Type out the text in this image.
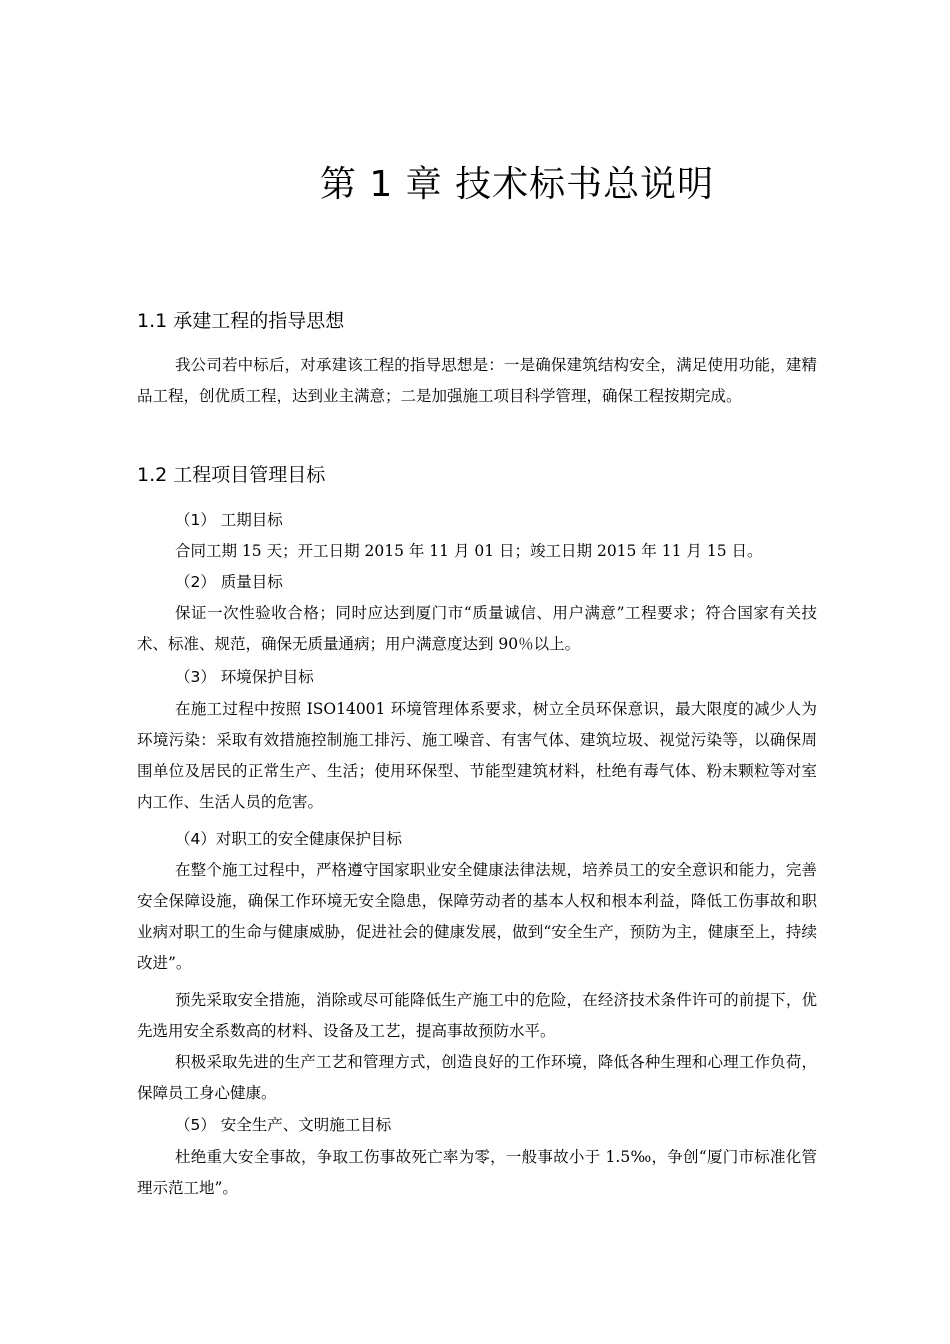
第 1 章 技术标书总说明
1.1 承建工程的指导思想

我公司若中标后，对承建该工程的指导思想是：一是确保建筑结构安全，满足使用功能，建精品工程，创优质工程，达到业主满意；二是加强施工项目科学管理，确保工程按期完成。

1.2 工程项目管理目标
（1） 工期目标

合同工期 15 天；开工日期 2015 年 11 月 01 日；竣工日期 2015 年 11 月 15 日。

（2） 质量目标

保证一次性验收合格；同时应达到厦门市“质量诚信、用户满意”工程要求；符合国家有关技术、标准、规范，确保无质量通病；用户满意度达到 90％以上。

（3） 环境保护目标

在施工过程中按照 ISO14001 环境管理体系要求，树立全员环保意识，最大限度的减少人为环境污染：采取有效措施控制施工排污、施工噪音、有害气体、建筑垃圾、视觉污染等，以确保周围单位及居民的正常生产、生活；使用环保型、节能型建筑材料，杜绝有毒气体、粉末颗粒等对室内工作、生活人员的危害。

（4）对职工的安全健康保护目标

在整个施工过程中，严格遵守国家职业安全健康法律法规，培养员工的安全意识和能力，完善安全保障设施，确保工作环境无安全隐患，保障劳动者的基本人权和根本利益，降低工伤事故和职业病对职工的生命与健康威胁，促进社会的健康发展，做到“安全生产，预防为主，健康至上，持续改进”。

预先采取安全措施，消除或尽可能降低生产施工中的危险，在经济技术条件许可的前提下，优先选用安全系数高的材料、设备及工艺，提高事故预防水平。

积极采取先进的生产工艺和管理方式，创造良好的工作环境，降低各种生理和心理工作负荷，保障员工身心健康。

（5） 安全生产、文明施工目标

杜绝重大安全事故，争取工伤事故死亡率为零，一般事故小于 1.5‰，争创“厦门市标准化管理示范工地”。
